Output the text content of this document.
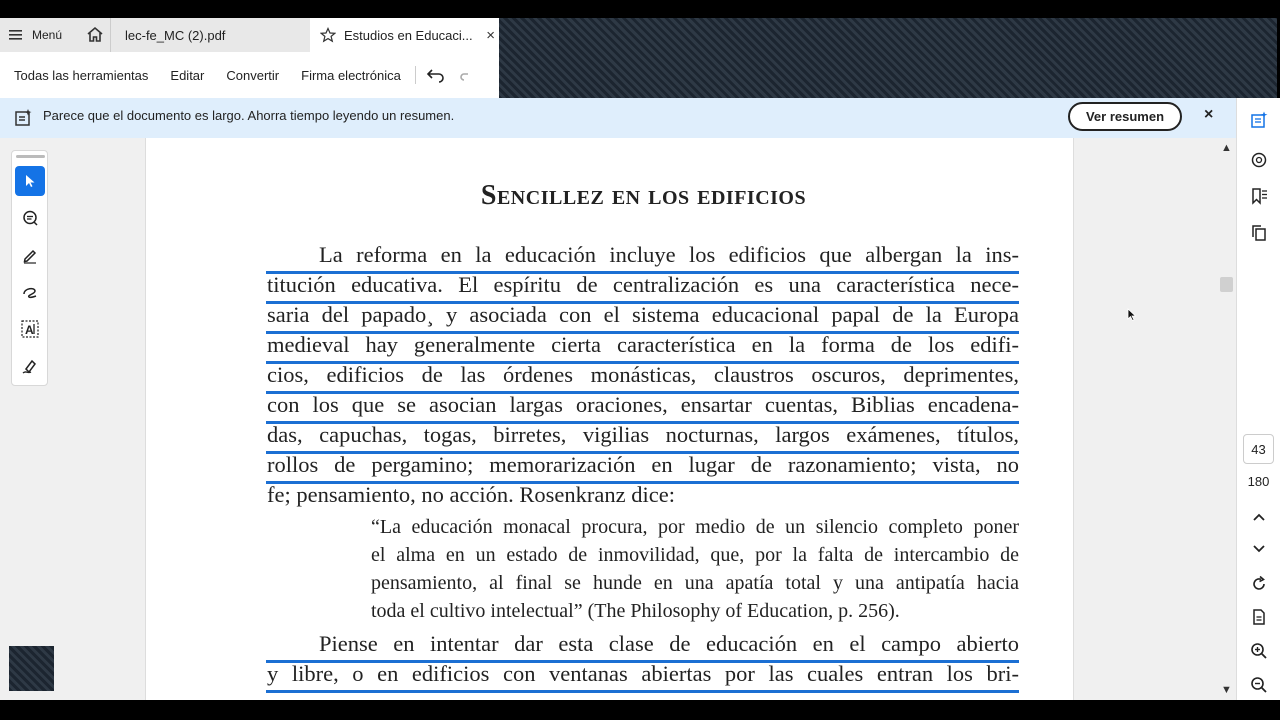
Menú	lec-fe_MC (2).pdf	Estudios en Educaci... ×
Todas las herramientas Editar Convertir Firma electrónica
Parece que el documento es largo. Ahorra tiempo leyendo un resumen.	Ver resumen	×
▲
▼
Sencillez en los edificios
La reforma en la educación incluye los edificios que albergan la ins-
titución educativa. El espíritu de centralización es una característica nece-
saria del papado¸ y asociada con el sistema educacional papal de la Europa
medieval hay generalmente cierta característica en la forma de los edifi-
cios, edificios de las órdenes monásticas, claustros oscuros, deprimentes,
con los que se asocian largas oraciones, ensartar cuentas, Biblias encadena-
das, capuchas, togas, birretes, vigilias nocturnas, largos exámenes, títulos,
rollos de pergamino; memorarización en lugar de razonamiento; vista, no
fe; pensamiento, no acción. Rosenkranz dice:
“La educación monacal procura, por medio de un silencio completo poner
el alma en un estado de inmovilidad, que, por la falta de intercambio de
pensamiento, al final se hunde en una apatía total y una antipatía hacia
toda el cultivo intelectual” (The Philosophy of Education, p. 256).
Piense en intentar dar esta clase de educación en el campo abierto
y libre, o en edificios con ventanas abiertas por las cuales entran los bri-
A
43
180
